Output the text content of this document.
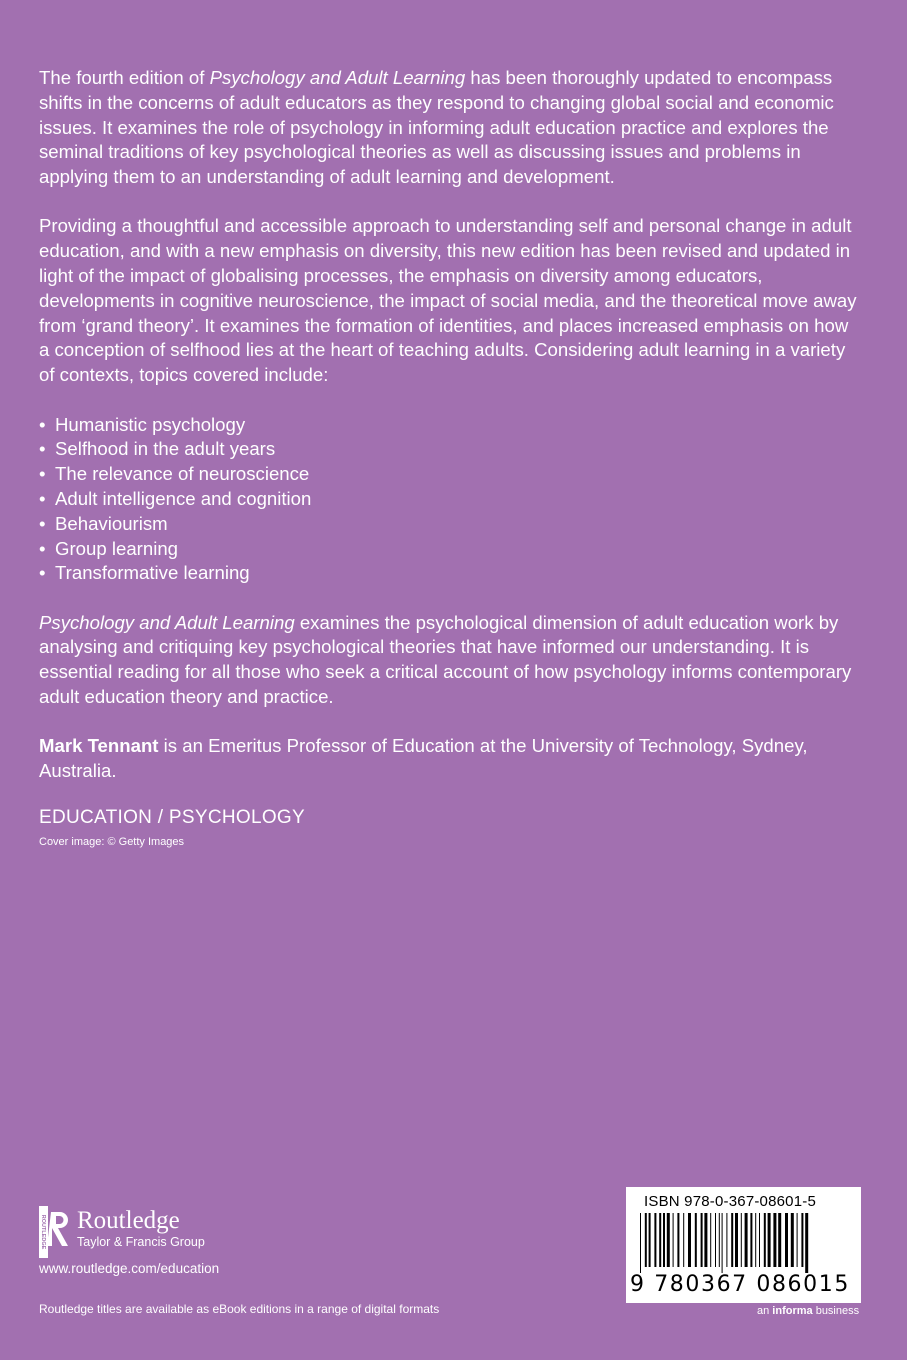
The fourth edition of Psychology and Adult Learning has been thoroughly updated to encompass shifts in the concerns of adult educators as they respond to changing global social and economic issues. It examines the role of psychology in informing adult education practice and explores the seminal traditions of key psychological theories as well as discussing issues and problems in applying them to an understanding of adult learning and development.

Providing a thoughtful and accessible approach to understanding self and personal change in adult education, and with a new emphasis on diversity, this new edition has been revised and updated in light of the impact of globalising processes, the emphasis on diversity among educators, developments in cognitive neuroscience, the impact of social media, and the theoretical move away from ‘grand theory’. It examines the formation of identities, and places increased emphasis on how a conception of selfhood lies at the heart of teaching adults. Considering adult learning in a variety of contexts, topics covered include:

• Humanistic psychology
• Selfhood in the adult years
• The relevance of neuroscience
• Adult intelligence and cognition
• Behaviourism
• Group learning
• Transformative learning

Psychology and Adult Learning examines the psychological dimension of adult education work by analysing and critiquing key psychological theories that have informed our understanding. It is essential reading for all those who seek a critical account of how psychology informs contemporary adult education theory and practice.

Mark Tennant is an Emeritus Professor of Education at the University of Technology, Sydney, Australia.

EDUCATION / PSYCHOLOGY
Cover image: © Getty Images
ROUTLEDGE Routledge
Taylor & Francis Group
www.routledge.com/education
Routledge titles are available as eBook editions in a range of digital formats
ISBN 978-0-367-08601-5
9 780367 086015
an informa business
